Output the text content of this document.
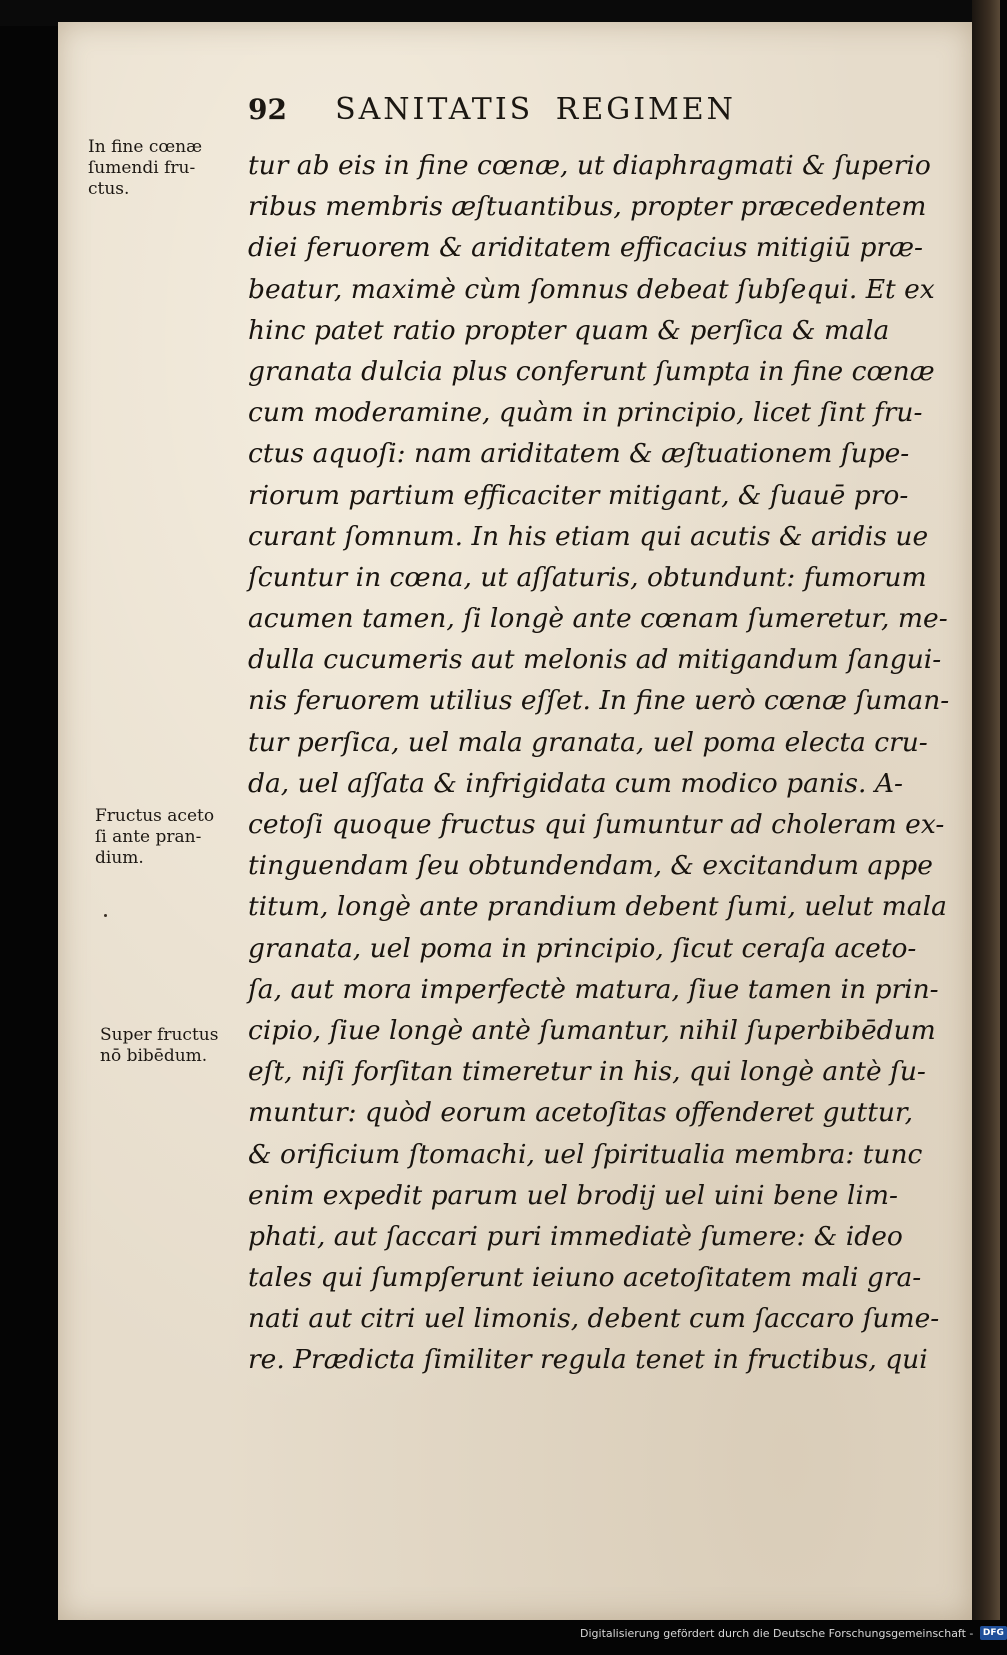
92 SANITATIS REGIMEN
In fine cœnæ
ſumendi fru-
ctus.
Fructus aceto
ſi ante pran-
dium.
Super fructus
nō bibēdum.
tur ab eis in fine cœnæ, ut diaphragmati & ſuperio
ribus membris æſtuantibus, propter præcedentem
diei feruorem & ariditatem efficacius mitigiū præ-
beatur, maximè cùm ſomnus debeat ſubſequi. Et ex
hinc patet ratio propter quam & perſica & mala
granata dulcia plus conferunt ſumpta in fine cœnæ
cum moderamine, quàm in principio, licet ſint fru-
ctus aquoſi: nam ariditatem & æſtuationem ſupe-
riorum partium efficaciter mitigant, & ſuauē pro-
curant ſomnum. In his etiam qui acutis & aridis ue
ſcuntur in cœna, ut aſſaturis, obtundunt: fumorum
acumen tamen, ſi longè ante cœnam ſumeretur, me-
dulla cucumeris aut melonis ad mitigandum ſangui-
nis feruorem utilius eſſet. In fine uerò cœnæ ſuman-
tur perſica, uel mala granata, uel poma electa cru-
da, uel aſſata & infrigidata cum modico panis. A-
cetoſi quoque fructus qui ſumuntur ad choleram ex-
tinguendam ſeu obtundendam, & excitandum appe
titum, longè ante prandium debent ſumi, uelut mala
granata, uel poma in principio, ſicut ceraſa aceto-
ſa, aut mora imperfectè matura, ſiue tamen in prin-
cipio, ſiue longè antè ſumantur, nihil ſuperbibēdum
eſt, niſi forſitan timeretur in his, qui longè antè ſu-
muntur: quòd eorum acetoſitas offenderet guttur,
& orificium ſtomachi, uel ſpiritualia membra: tunc
enim expedit parum uel brodij uel uini bene lim-
phati, aut ſaccari puri immediatè ſumere: & ideo
tales qui ſumpſerunt ieiuno acetoſitatem mali gra-
nati aut citri uel limonis, debent cum ſaccaro ſume-
re. Prædicta ſimiliter regula tenet in fructibus, qui
Digitalisierung gefördert durch die Deutsche Forschungsgemeinschaft - DFG
